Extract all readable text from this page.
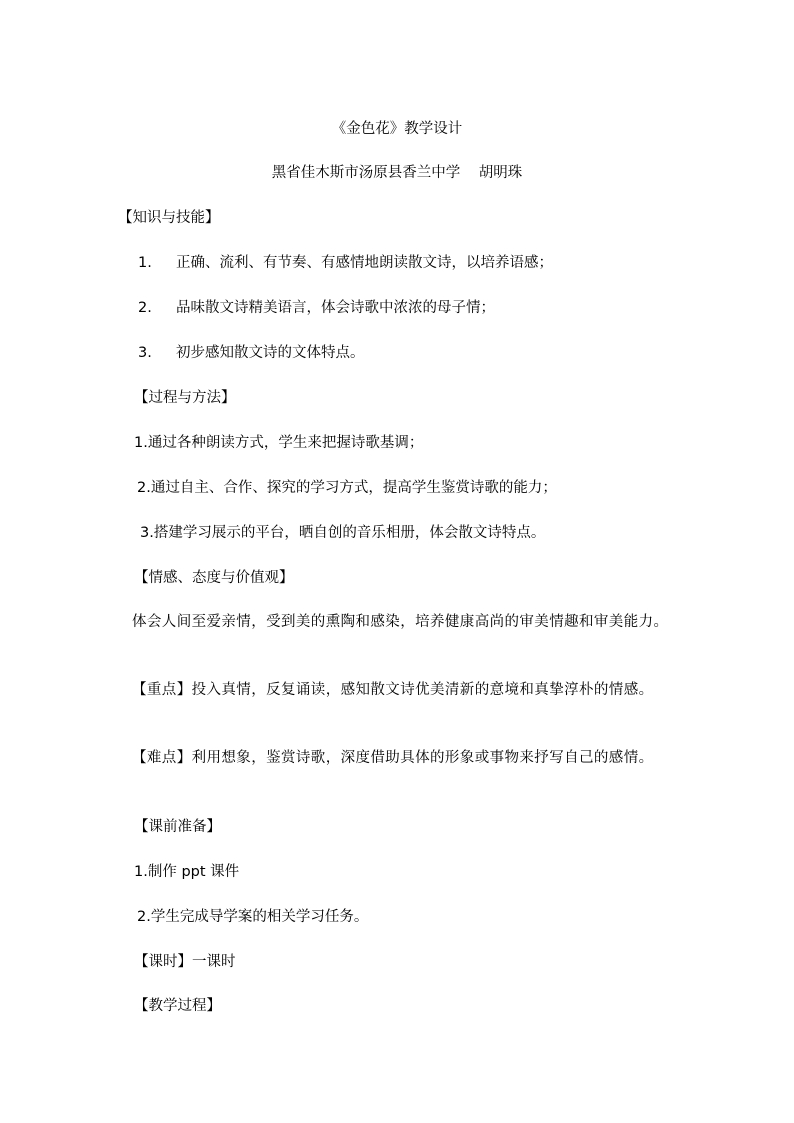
《金色花》教学设计
黑省佳木斯市汤原县香兰中学    胡明珠
【知识与技能】
1. 正确、流利、有节奏、有感情地朗读散文诗，以培养语感；
2. 品味散文诗精美语言，体会诗歌中浓浓的母子情；
3. 初步感知散文诗的文体特点。
【过程与方法】
1.通过各种朗读方式，学生来把握诗歌基调；
2.通过自主、合作、探究的学习方式，提高学生鉴赏诗歌的能力；
3.搭建学习展示的平台，晒自创的音乐相册，体会散文诗特点。
【情感、态度与价值观】
体会人间至爱亲情，受到美的熏陶和感染，培养健康高尚的审美情趣和审美能力。
【重点】投入真情，反复诵读，感知散文诗优美清新的意境和真挚淳朴的情感。
【难点】利用想象，鉴赏诗歌，深度借助具体的形象或事物来抒写自己的感情。
【课前准备】
1.制作 ppt 课件
2.学生完成导学案的相关学习任务。
【课时】一课时
【教学过程】
